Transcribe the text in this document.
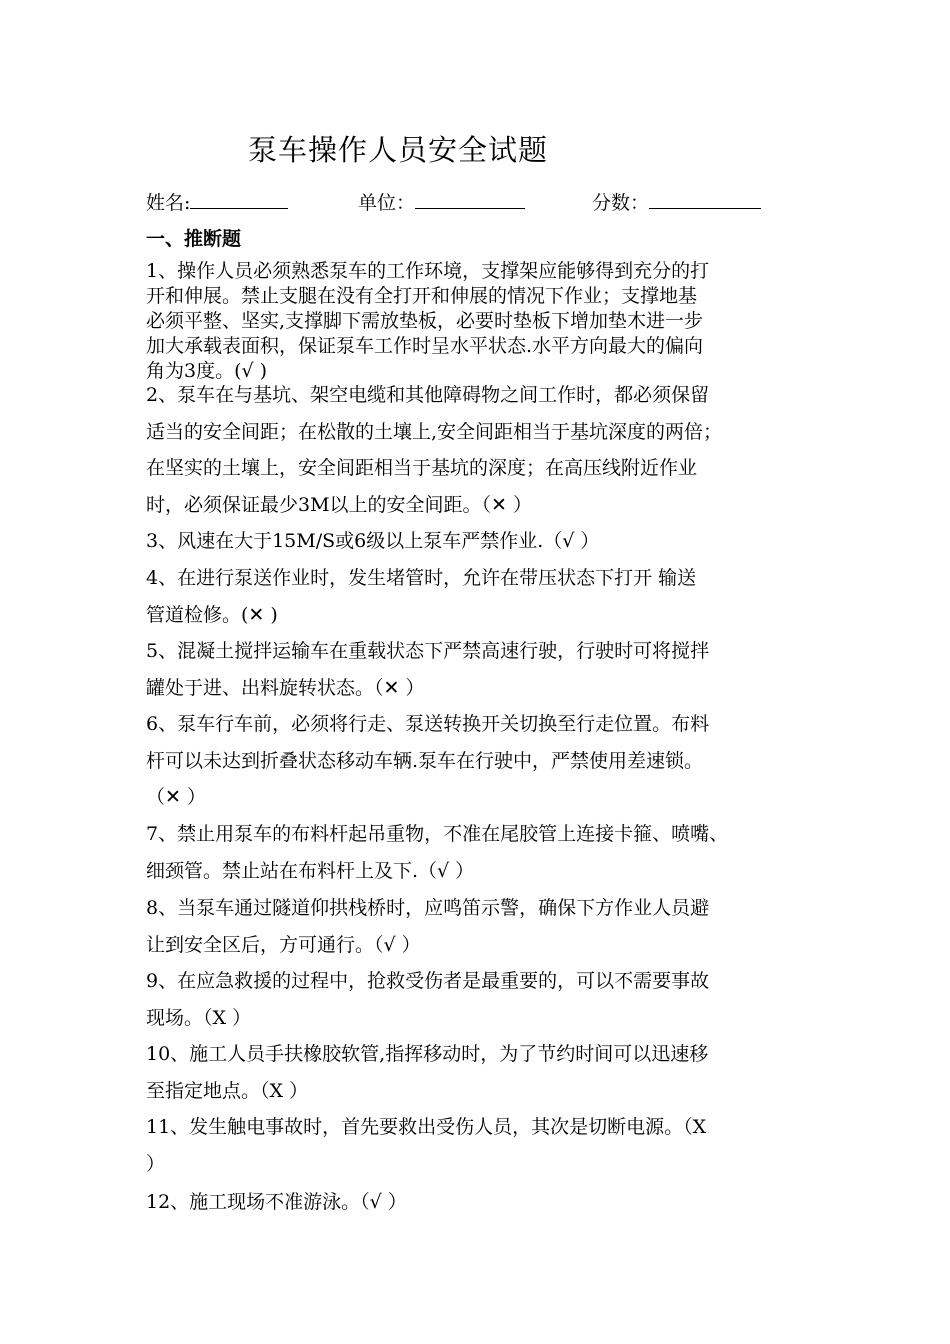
泵车操作人员安全试题
姓名:	单位：	分数：
一、推断题
1、操作人员必须熟悉泵车的工作环境，支撑架应能够得到充分的打
开和伸展。禁止支腿在没有全打开和伸展的情况下作业；支撑地基
必须平整、坚实,支撑脚下需放垫板，必要时垫板下增加垫木进一步
加大承载表面积，保证泵车工作时呈水平状态.水平方向最大的偏向
角为3度。(√ )
2、泵车在与基坑、架空电缆和其他障碍物之间工作时，都必须保留
适当的安全间距；在松散的土壤上,安全间距相当于基坑深度的两倍；
在坚实的土壤上，安全间距相当于基坑的深度；在高压线附近作业
时，必须保证最少3M以上的安全间距。（✕ ）
3、风速在大于15M/S或6级以上泵车严禁作业.（√ ）
4、在进行泵送作业时，发生堵管时，允许在带压状态下打开 输送
管道检修。(✕ )
5、混凝土搅拌运输车在重载状态下严禁高速行驶，行驶时可将搅拌
罐处于进、出料旋转状态。（✕ ）
6、泵车行车前，必须将行走、泵送转换开关切换至行走位置。布料
杆可以未达到折叠状态移动车辆.泵车在行驶中，严禁使用差速锁。
（✕ ）
7、禁止用泵车的布料杆起吊重物，不准在尾胶管上连接卡箍、喷嘴、
细颈管。禁止站在布料杆上及下.（√ ）
8、当泵车通过隧道仰拱栈桥时，应鸣笛示警，确保下方作业人员避
让到安全区后，方可通行。（√ ）
9、在应急救援的过程中，抢救受伤者是最重要的，可以不需要事故
现场。（X ）
10、施工人员手扶橡胶软管,指挥移动时，为了节约时间可以迅速移
至指定地点。（X ）
11、发生触电事故时，首先要救出受伤人员，其次是切断电源。（X
）
12、施工现场不准游泳。（√ ）
